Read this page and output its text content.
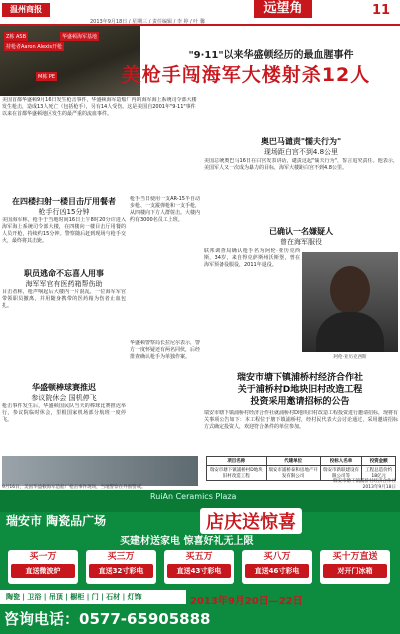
温州商报
2013年9月18日 / 星期三 / 责任编辑 / 李 婷 / 叶 馨
远望角	11
Z栋 ASB
持枪者Aaron Alexis开枪
华盛顿海军基地
M栋 PE
"9·11"以来华盛顿经历的最血腥事件
美枪手闯海军大楼射杀12人
美国首都华盛顿9月16日发生枪击事件，华盛顿海军造船厂内的海军海上系统司令部大楼发生枪击，造成13人死亡（包括枪手），另有14人受伤。这是美国自2001年"9·11"事件以来在首都华盛顿地区发生的最严重的流血事件。
在四楼扫射一楼目击厅用餐者
枪手行凶15分钟
美国海军称，枪手于当地时间16日上午8时20分许进入海军海上系统司令部大楼，在四楼向一楼目击厅用餐的人员开枪，持续约15分钟。警察随后赶到现场与枪手交火，最终将其击毙。
职员逃命不忘喜人用事
海军军官有医药箱帮伤助
目击者称，枪声响起后大楼内一片混乱，一位海军军官带领职员撤离，并用随身携带的医药箱为伤者止血包扎。
华盛顿棒球赛推迟
参议院休会 国机停飞
枪击事件发生后，华盛顿国民队当天的棒球比赛推迟举行，参议院临时休会，里根国家机场部分航班一度停飞。
枪手当日使用一支AR-15半自动步枪、一支霰弹枪和一支手枪，从四楼向下方人群射击。大楼内约有3000名员工上班。
华盛顿警察局长拉尼尔表示，警方一度怀疑还有两名同伙，后经排查确认枪手为单独作案。
奥巴马谴责"懦夫行为"
现场距白宫不到4.8公里
美国总统奥巴马16日在白宫发表讲话，谴责这起"懦夫行为"，誓言追究责任。他表示，美国军人又一次成为暴力的目标，海军大楼距白宫不到4.8公里。
已确认一名嫌疑人
曾在海军服役
联邦调查局确认枪手名为阿伦·亚历克西斯，34岁，来自得克萨斯州沃斯堡，曾在海军预备役服役，2011年退役。
阿伦·亚历克西斯
9月16日，美国华盛顿海军造船厂枪击事件现场，当地警察在外围警戒。
瑞安市塘下镇浦桥村经济合作社
关于浦桥村D地块旧村改造工程
投资采用邀请招标的公告
瑞安市塘下镇浦桥村经济合作社就浦桥村D地块旧村改造工程投资进行邀请招标，现将有关事项公告如下：本工程位于塘下镇浦桥村，经村民代表大会讨论通过，采用邀请招标方式确定投资人，欢迎符合条件的单位参加。
项目名称	代建单位	投标人名单	投资金额
瑞安市塘下镇浦桥村D地块旧村改造工程	瑞安市浦桥泰和房地产开发有限公司	瑞安市新联建设有限公司等	工程总造价约18亿元
瑞安市塘下镇浦桥村经济合作社
2013年9月18日
RuiAn Ceramics Plaza
瑞安市 陶瓷品广场	店庆送惊喜
买建材送家电 惊喜好礼无上限
买一万
直送微波炉
买三万
直送32寸彩电
买五万
直送43寸彩电
买八万
直送46寸彩电
买十万直送
对开门冰箱
陶瓷 | 卫浴 | 吊顶 | 橱柜 | 门 | 石材 | 灯饰	2013年9月20日—22日
咨询电话：0577-65905888
